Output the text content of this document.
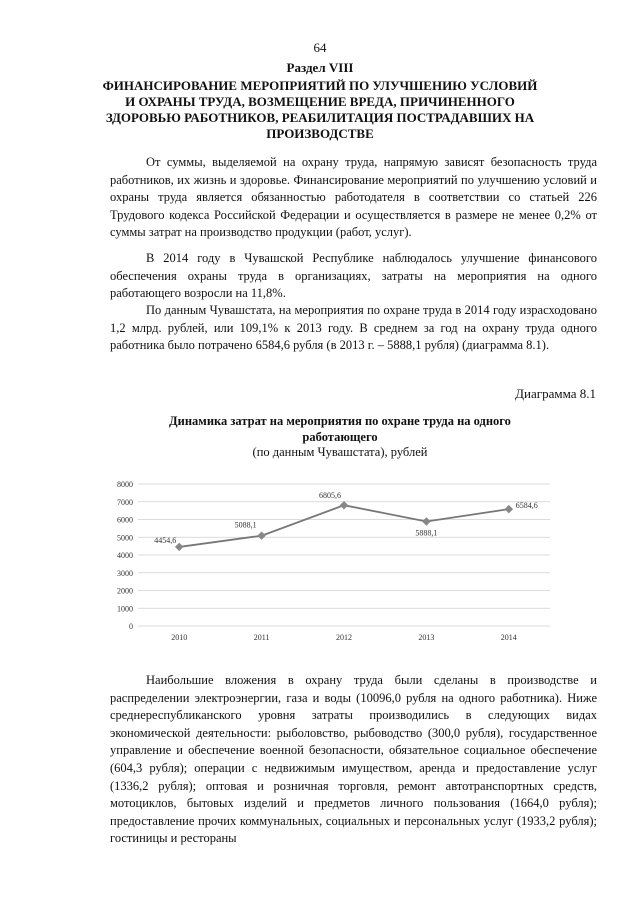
64
Раздел VIII
ФИНАНСИРОВАНИЕ МЕРОПРИЯТИЙ ПО УЛУЧШЕНИЮ УСЛОВИЙ И ОХРАНЫ ТРУДА, ВОЗМЕЩЕНИЕ ВРЕДА, ПРИЧИНЕННОГО ЗДОРОВЬЮ РАБОТНИКОВ, РЕАБИЛИТАЦИЯ ПОСТРАДАВШИХ НА ПРОИЗВОДСТВЕ

От суммы, выделяемой на охрану труда, напрямую зависят безопасность труда работников, их жизнь и здоровье. Финансирование мероприятий по улучшению условий и охраны труда является обязанностью работодателя в соответствии со статьей 226 Трудового кодекса Российской Федерации и осуществляется в размере не менее 0,2% от суммы затрат на производство продукции (работ, услуг).

В 2014 году в Чувашской Республике наблюдалось улучшение финансового обеспечения охраны труда в организациях, затраты на мероприятия на одного работающего возросли на 11,8%.

По данным Чувашстата, на мероприятия по охране труда в 2014 году израсходовано 1,2 млрд. рублей, или 109,1% к 2013 году. В среднем за год на охрану труда одного работника было потрачено 6584,6 рубля (в 2013 г. – 5888,1 рубля) (диаграмма 8.1).

Диаграмма 8.1
Динамика затрат на мероприятия по охране труда на одного работающего
(по данным Чувашстата), рублей
0
1000
2000
3000
4000
5000
6000
7000
8000
2010	2011	2012	2013	2014
4454,6
5088,1
6805,6
5888,1
6584,6

Наибольшие вложения в охрану труда были сделаны в производстве и распределении электроэнергии, газа и воды (10096,0 рубля на одного работника). Ниже среднереспубликанского уровня затраты производились в следующих видах экономической деятельности: рыболовство, рыбоводство (300,0 рубля), государственное управление и обеспечение военной безопасности, обязательное социальное обеспечение (604,3 рубля); операции с недвижимым имуществом, аренда и предоставление услуг (1336,2 рубля); оптовая и розничная торговля, ремонт автотранспортных средств, мотоциклов, бытовых изделий и предметов личного пользования (1664,0 рубля); предоставление прочих коммунальных, социальных и персональных услуг (1933,2 рубля); гостиницы и рестораны
